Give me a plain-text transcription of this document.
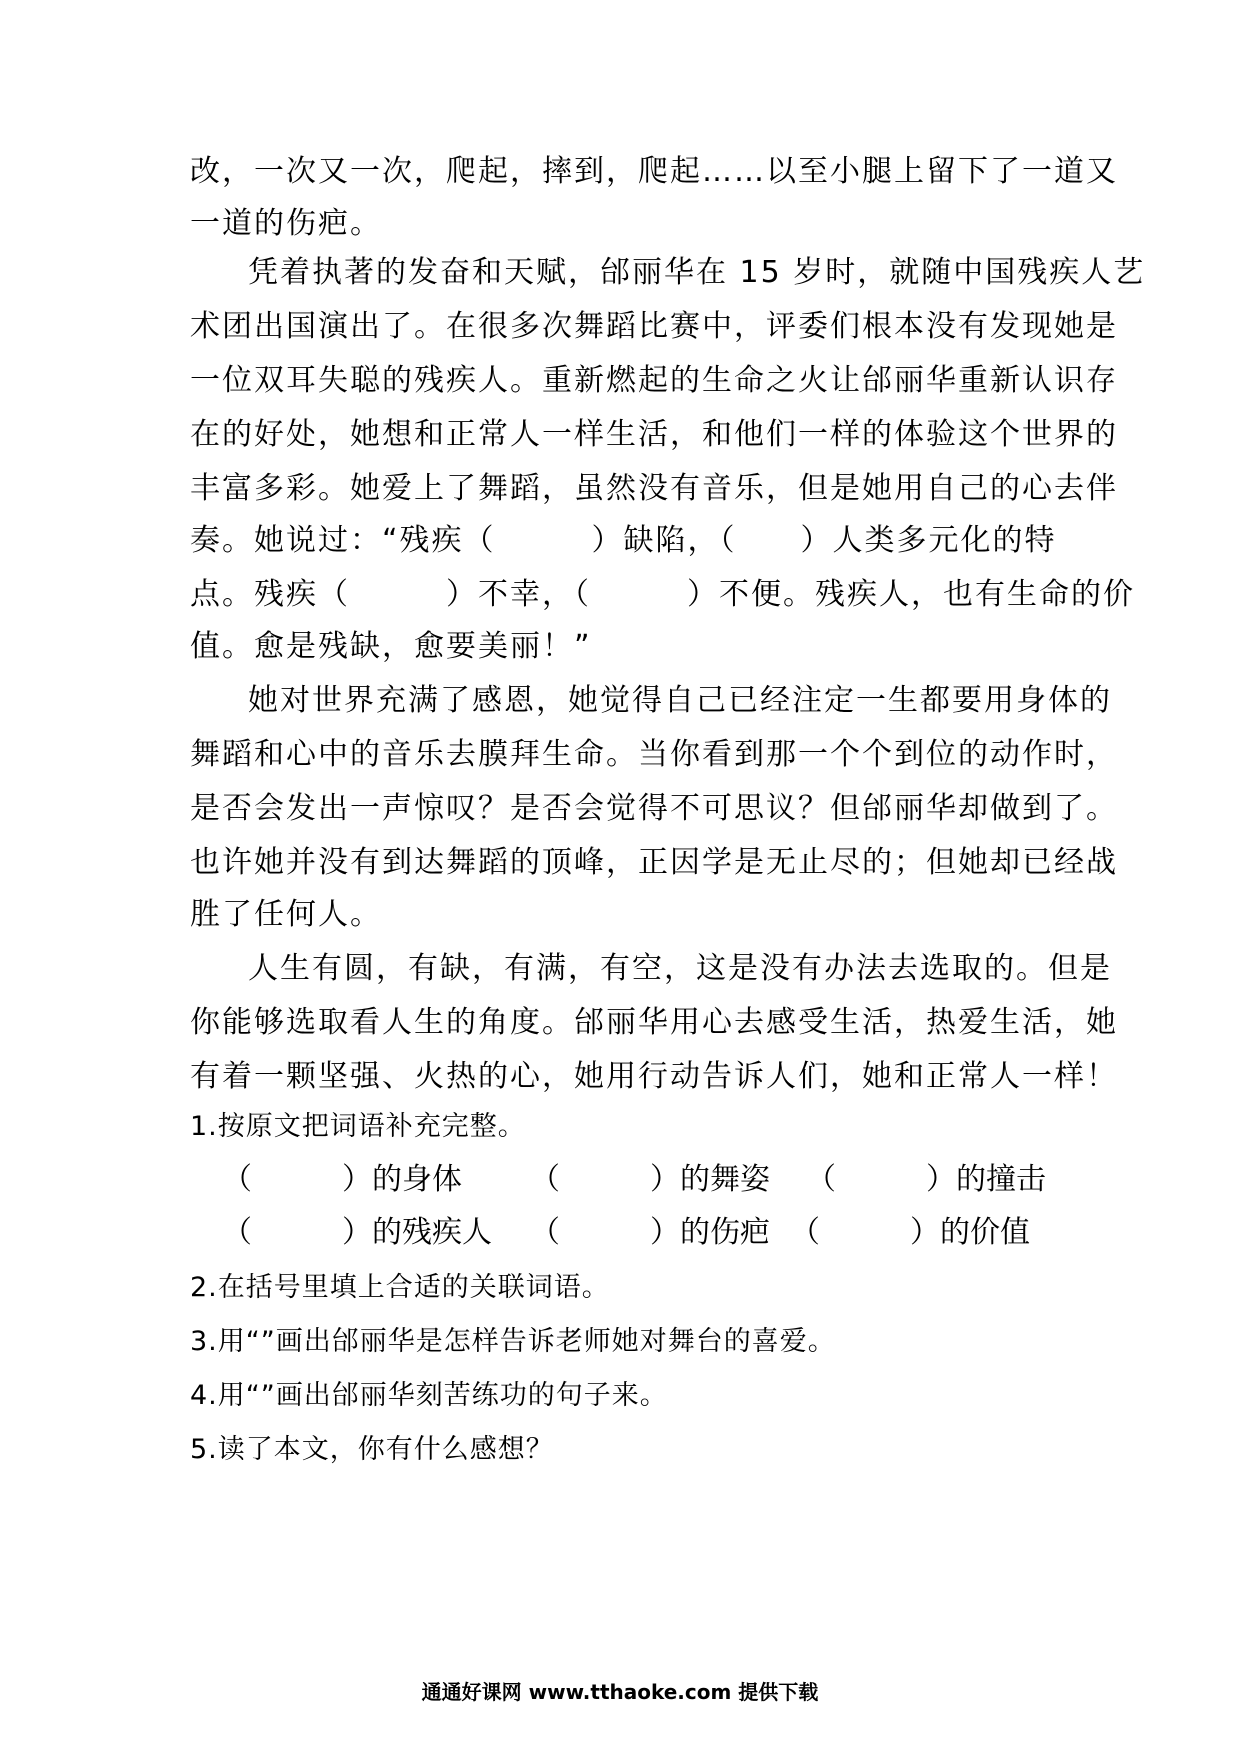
改，一次又一次，爬起，摔到，爬起……以至小腿上留下了一道又
一道的伤疤。
凭着执著的发奋和天赋，邰丽华在 15 岁时，就随中国残疾人艺
术团出国演出了。在很多次舞蹈比赛中，评委们根本没有发现她是
一位双耳失聪的残疾人。重新燃起的生命之火让邰丽华重新认识存
在的好处，她想和正常人一样生活，和他们一样的体验这个世界的
丰富多彩。她爱上了舞蹈，虽然没有音乐，但是她用自己的心去伴
奏。她说过：“残疾（　　　）缺陷，（　　）人类多元化的特
点。残疾（　　　）不幸，（　　　）不便。残疾人，也有生命的价
值。愈是残缺，愈要美丽！”
她对世界充满了感恩，她觉得自己已经注定一生都要用身体的
舞蹈和心中的音乐去膜拜生命。当你看到那一个个到位的动作时，
是否会发出一声惊叹？是否会觉得不可思议？但邰丽华却做到了。
也许她并没有到达舞蹈的顶峰，正因学是无止尽的；但她却已经战
胜了任何人。
人生有圆，有缺，有满，有空，这是没有办法去选取的。但是
你能够选取看人生的角度。邰丽华用心去感受生活，热爱生活，她
有着一颗坚强、火热的心，她用行动告诉人们，她和正常人一样！
1.按原文把词语补充完整。
（　　　）的身体 （　　　）的舞姿 （　　　）的撞击
（　　　）的残疾人 （　　　）的伤疤 （　　　）的价值
2.在括号里填上合适的关联词语。
3.用“”画出邰丽华是怎样告诉老师她对舞台的喜爱。
4.用“”画出邰丽华刻苦练功的句子来。
5.读了本文，你有什么感想？
通通好课网 www.tthaoke.com 提供下载
